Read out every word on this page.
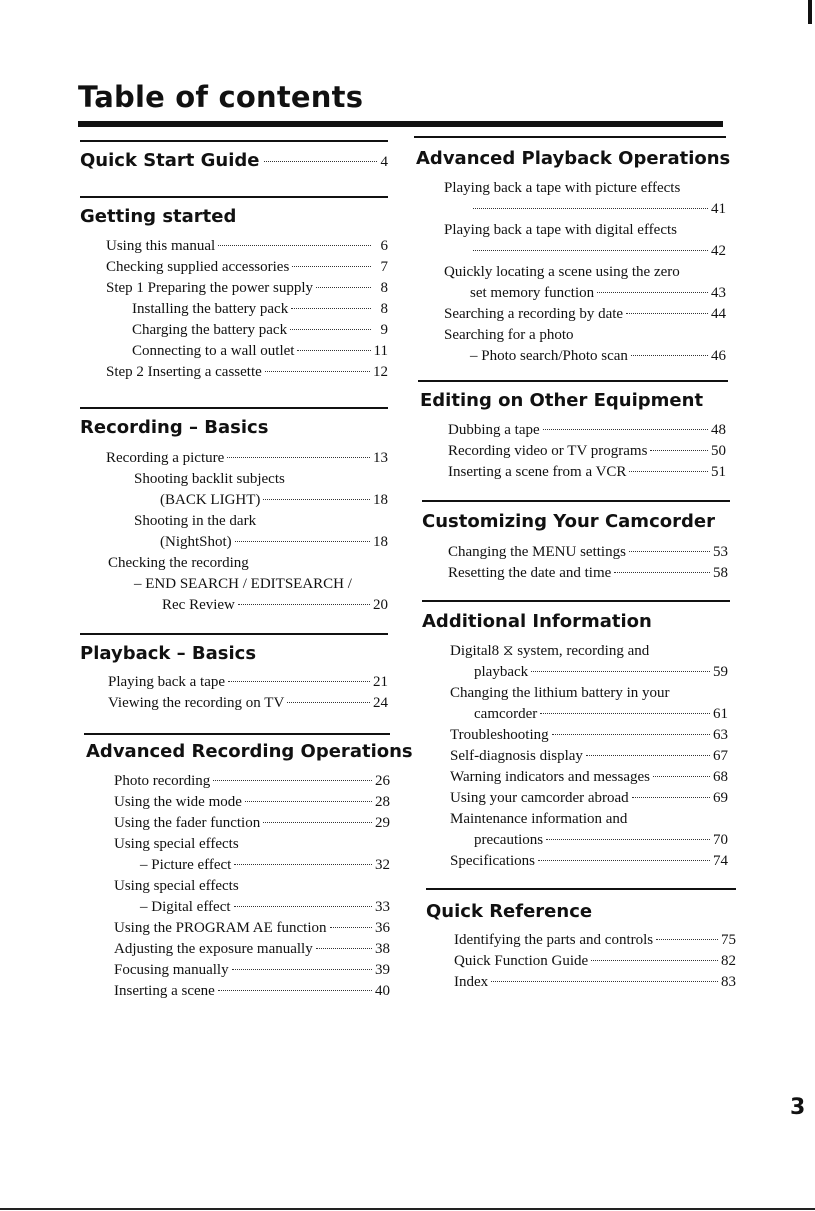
Table of contents
Quick Start Guide	4
Getting started
Using this manual	6
Checking supplied accessories	7
Step 1 Preparing the power supply	8
Installing the battery pack	8
Charging the battery pack	9
Connecting to a wall outlet	11
Step 2 Inserting a cassette	12
Recording – Basics
Recording a picture	13
Shooting backlit subjects
(BACK LIGHT)	18
Shooting in the dark
(NightShot)	18
Checking the recording
– END SEARCH / EDITSEARCH /
Rec Review	20
Playback – Basics
Playing back a tape	21
Viewing the recording on TV	24
Advanced Recording Operations
Photo recording	26
Using the wide mode	28
Using the fader function	29
Using special effects
– Picture effect	32
Using special effects
– Digital effect	33
Using the PROGRAM AE function	36
Adjusting the exposure manually	38
Focusing manually	39
Inserting a scene	40
Advanced Playback Operations
Playing back a tape with picture effects
41
Playing back a tape with digital effects
42
Quickly locating a scene using the zero
set memory function	43
Searching a recording by date	44
Searching for a photo
– Photo search/Photo scan	46
Editing on Other Equipment
Dubbing a tape	48
Recording video or TV programs	50
Inserting a scene from a VCR	51
Customizing Your Camcorder
Changing the MENU settings	53
Resetting the date and time	58
Additional Information
Digital8 ⧖ system, recording and
playback	59
Changing the lithium battery in your
camcorder	61
Troubleshooting	63
Self-diagnosis display	67
Warning indicators and messages	68
Using your camcorder abroad	69
Maintenance information and
precautions	70
Specifications	74
Quick Reference
Identifying the parts and controls	75
Quick Function Guide	82
Index	83
3
